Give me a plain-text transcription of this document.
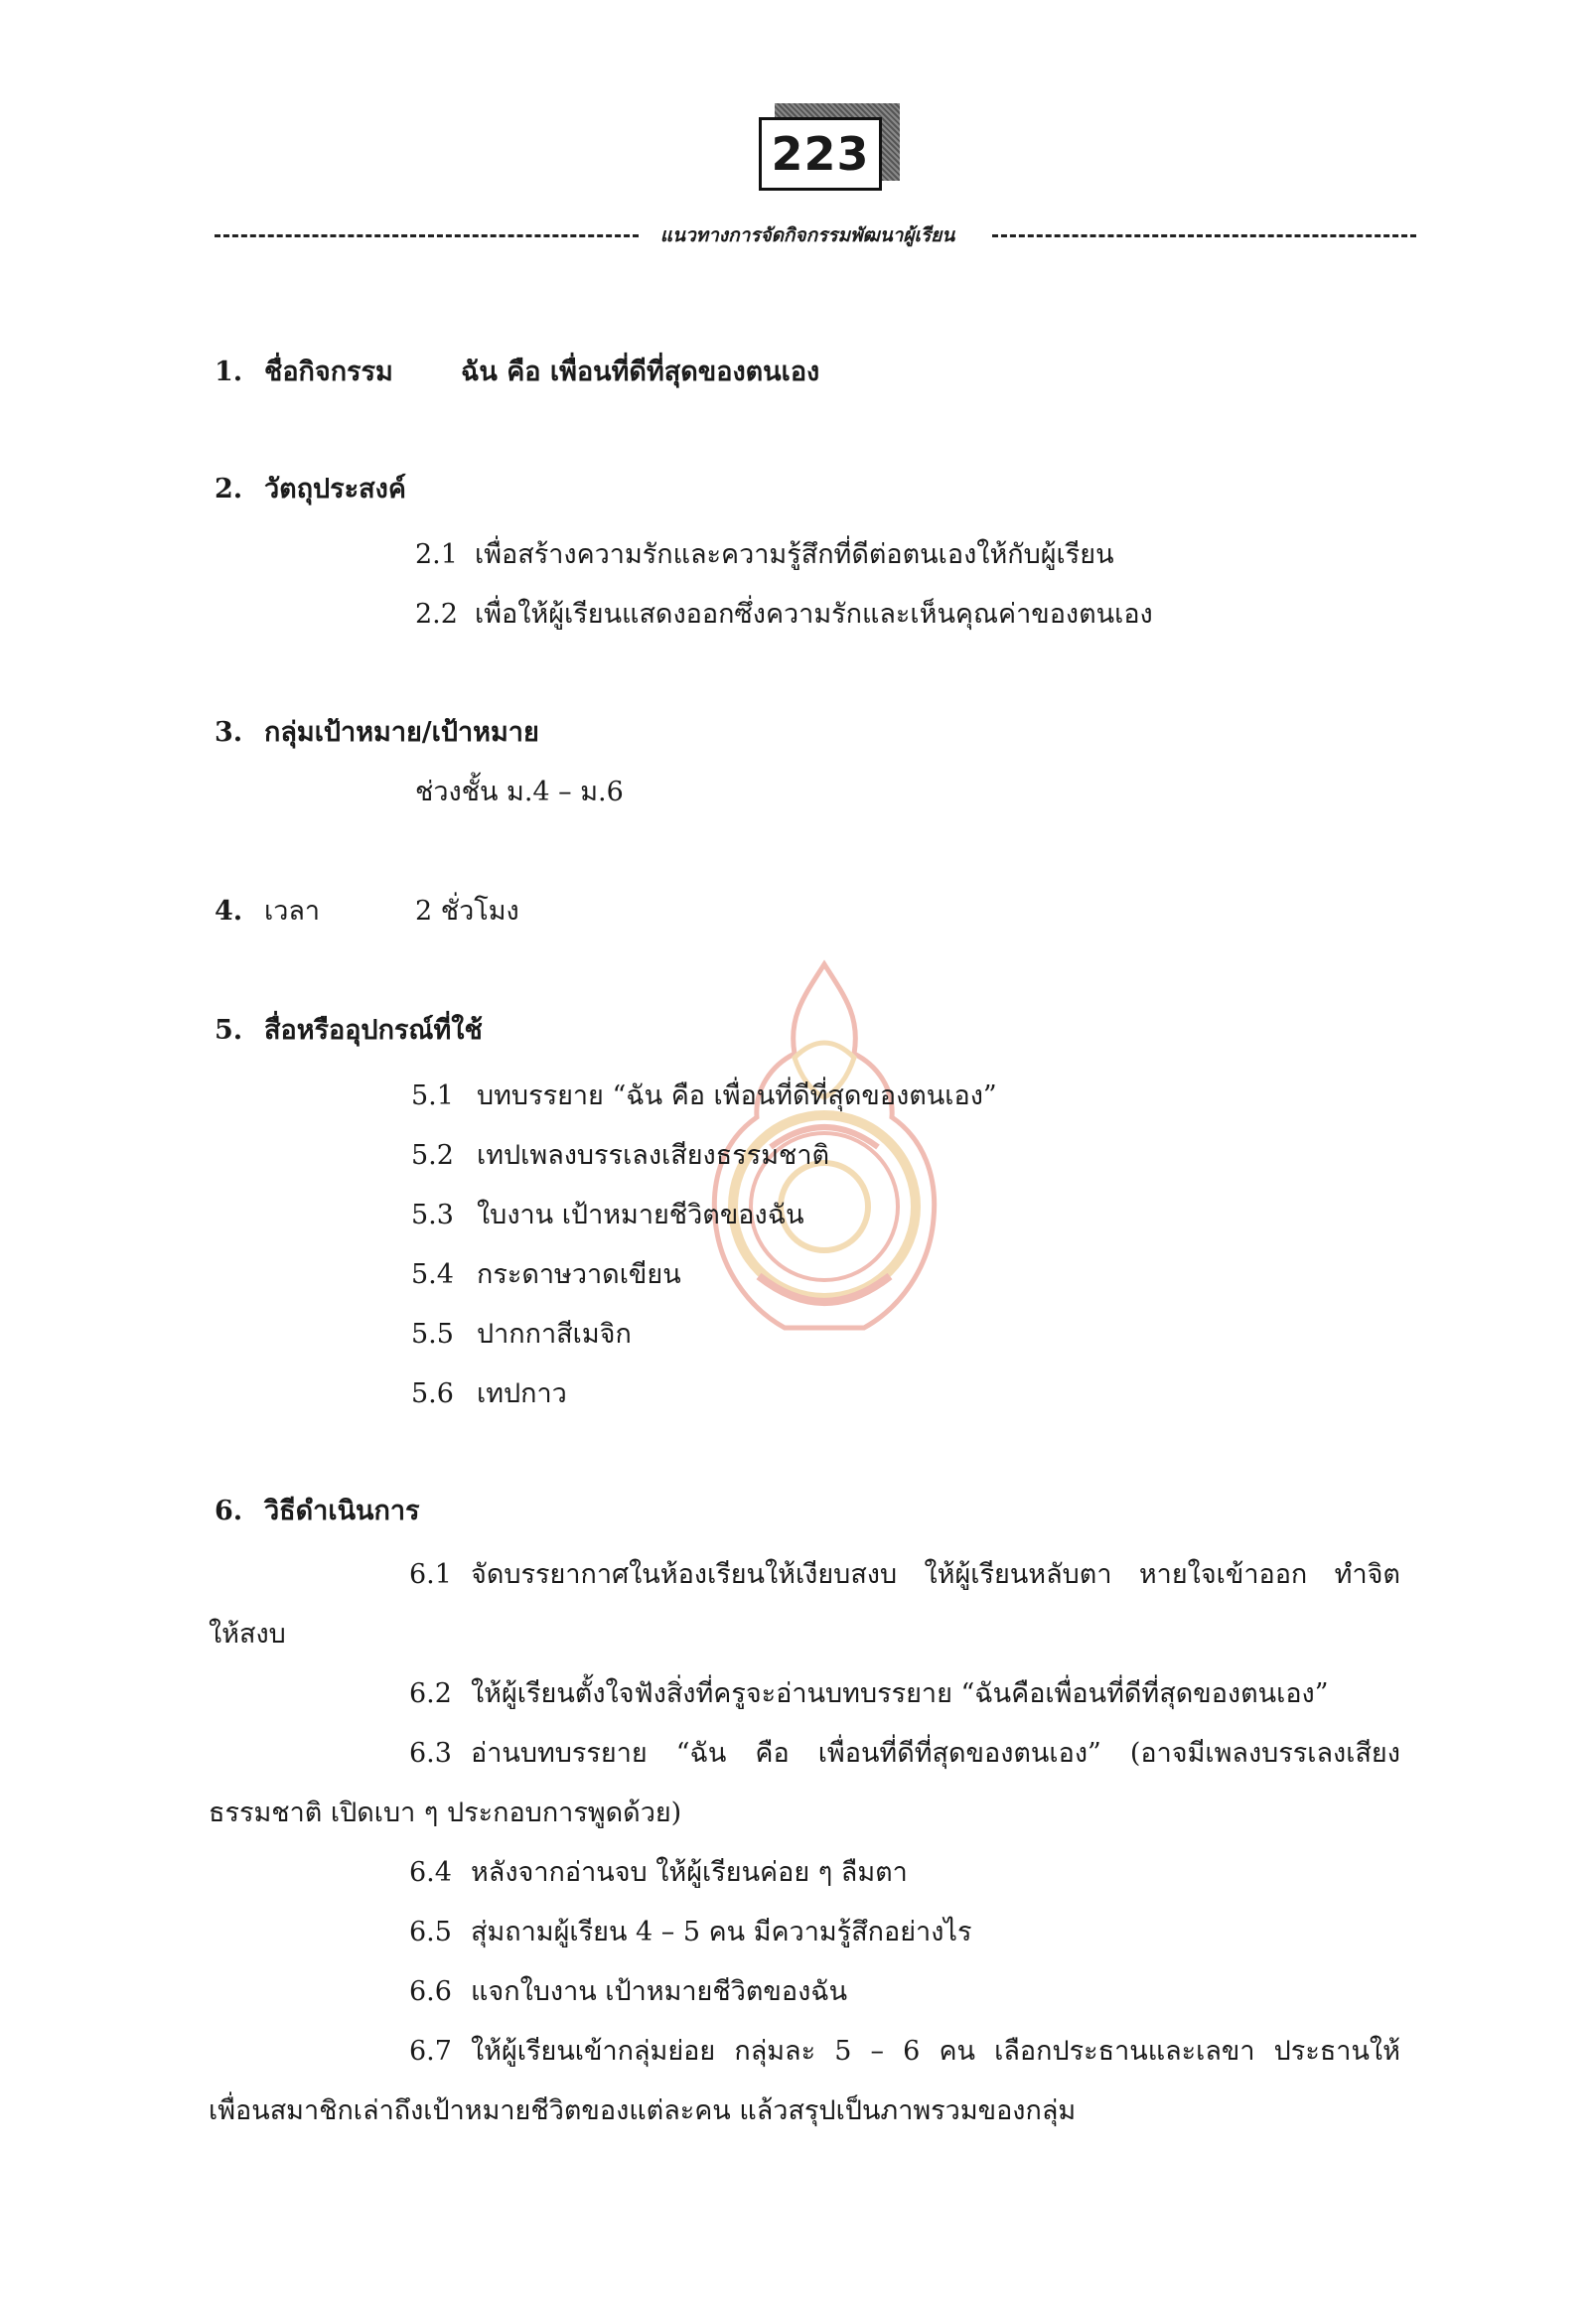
223
แนวทางการจัดกิจกรรมพัฒนาผู้เรียน
1. ชื่อกิจกรรม	ฉัน คือ เพื่อนที่ดีที่สุดของตนเอง
2. วัตถุประสงค์
2.1 เพื่อสร้างความรักและความรู้สึกที่ดีต่อตนเองให้กับผู้เรียน
2.2 เพื่อให้ผู้เรียนแสดงออกซึ่งความรักและเห็นคุณค่าของตนเอง
3. กลุ่มเป้าหมาย/เป้าหมาย
ช่วงชั้น ม.4 – ม.6
4. เวลา	2 ชั่วโมง
5. สื่อหรืออุปกรณ์ที่ใช้
5.1 บทบรรยาย “ฉัน คือ เพื่อนที่ดีที่สุดของตนเอง”
5.2 เทปเพลงบรรเลงเสียงธรรมชาติ
5.3 ใบงาน เป้าหมายชีวิตของฉัน
5.4 กระดาษวาดเขียน
5.5 ปากกาสีเมจิก
5.6 เทปกาว
6. วิธีดำเนินการ
6.1 จัดบรรยากาศในห้องเรียนให้เงียบสงบ ให้ผู้เรียนหลับตา หายใจเข้าออก ทำจิต
ให้สงบ
6.2 ให้ผู้เรียนตั้งใจฟังสิ่งที่ครูจะอ่านบทบรรยาย “ฉันคือเพื่อนที่ดีที่สุดของตนเอง”
6.3 อ่านบทบรรยาย “ฉัน คือ เพื่อนที่ดีที่สุดของตนเอง” (อาจมีเพลงบรรเลงเสียง
ธรรมชาติ เปิดเบา ๆ ประกอบการพูดด้วย)
6.4 หลังจากอ่านจบ ให้ผู้เรียนค่อย ๆ ลืมตา
6.5 สุ่มถามผู้เรียน 4 – 5 คน มีความรู้สึกอย่างไร
6.6 แจกใบงาน เป้าหมายชีวิตของฉัน
6.7 ให้ผู้เรียนเข้ากลุ่มย่อย กลุ่มละ 5 – 6 คน เลือกประธานและเลขา ประธานให้
เพื่อนสมาชิกเล่าถึงเป้าหมายชีวิตของแต่ละคน แล้วสรุปเป็นภาพรวมของกลุ่ม
